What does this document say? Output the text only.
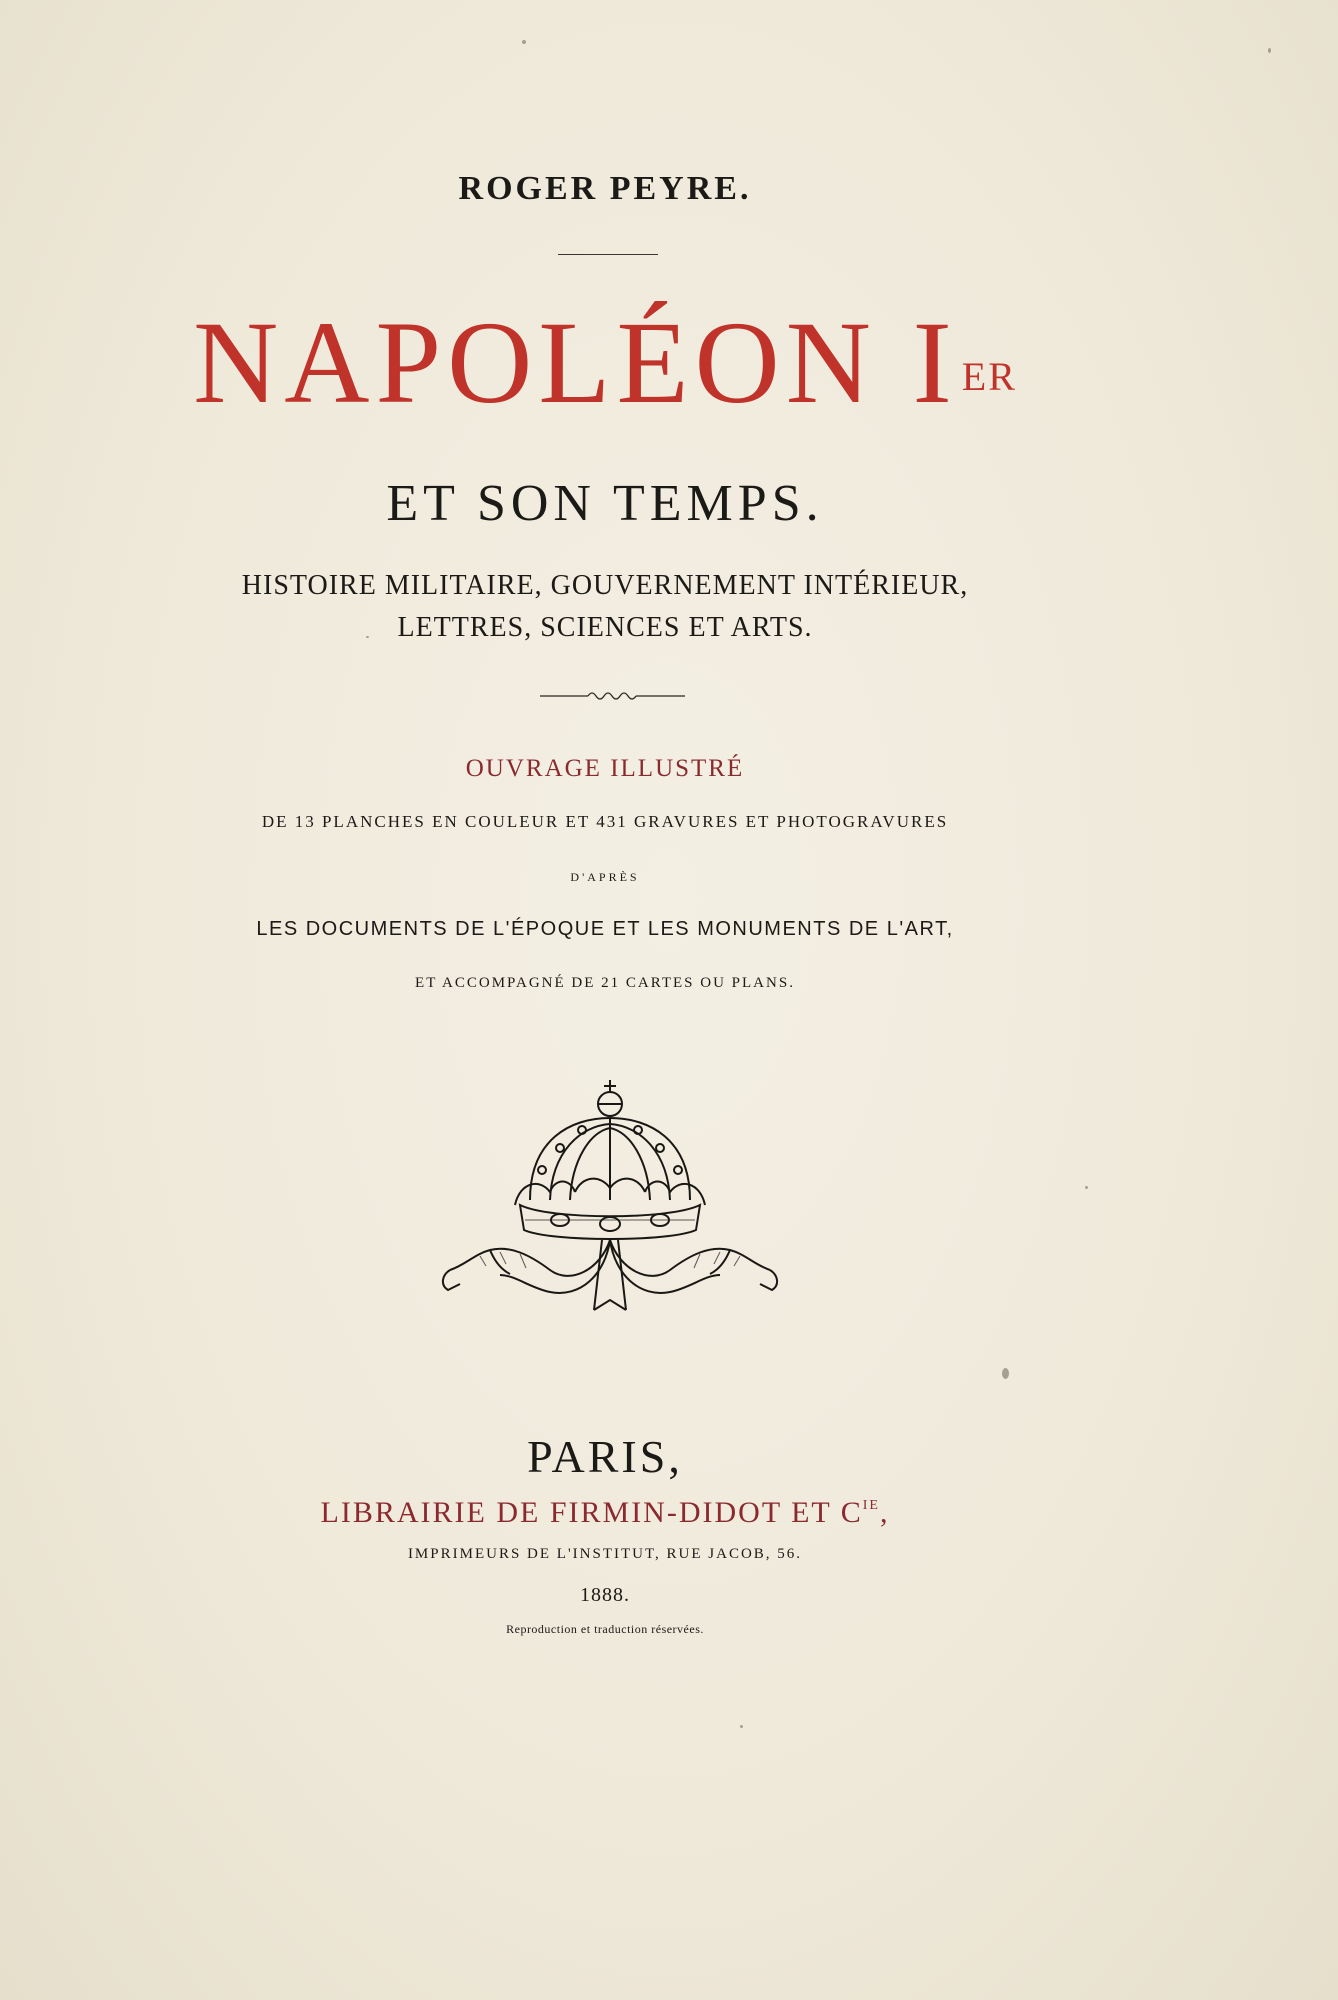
ROGER PEYRE.
NAPOLÉON I $^{ER}$
ET SON TEMPS.
HISTOIRE MILITAIRE, GOUVERNEMENT INTÉRIEUR,
LETTRES, SCIENCES ET ARTS.
OUVRAGE ILLUSTRÉ
DE 13 PLANCHES EN COULEUR ET 431 GRAVURES ET PHOTOGRAVURES
D'APRÈS
LES DOCUMENTS DE L'ÉPOQUE ET LES MONUMENTS DE L'ART,
ET ACCOMPAGNÉ DE 21 CARTES OU PLANS.
PARIS,
LIBRAIRIE DE FIRMIN-DIDOT ET $C^{IE}$,
IMPRIMEURS DE L'INSTITUT, RUE JACOB, 56.
1888.
Reproduction et traduction réservées.
